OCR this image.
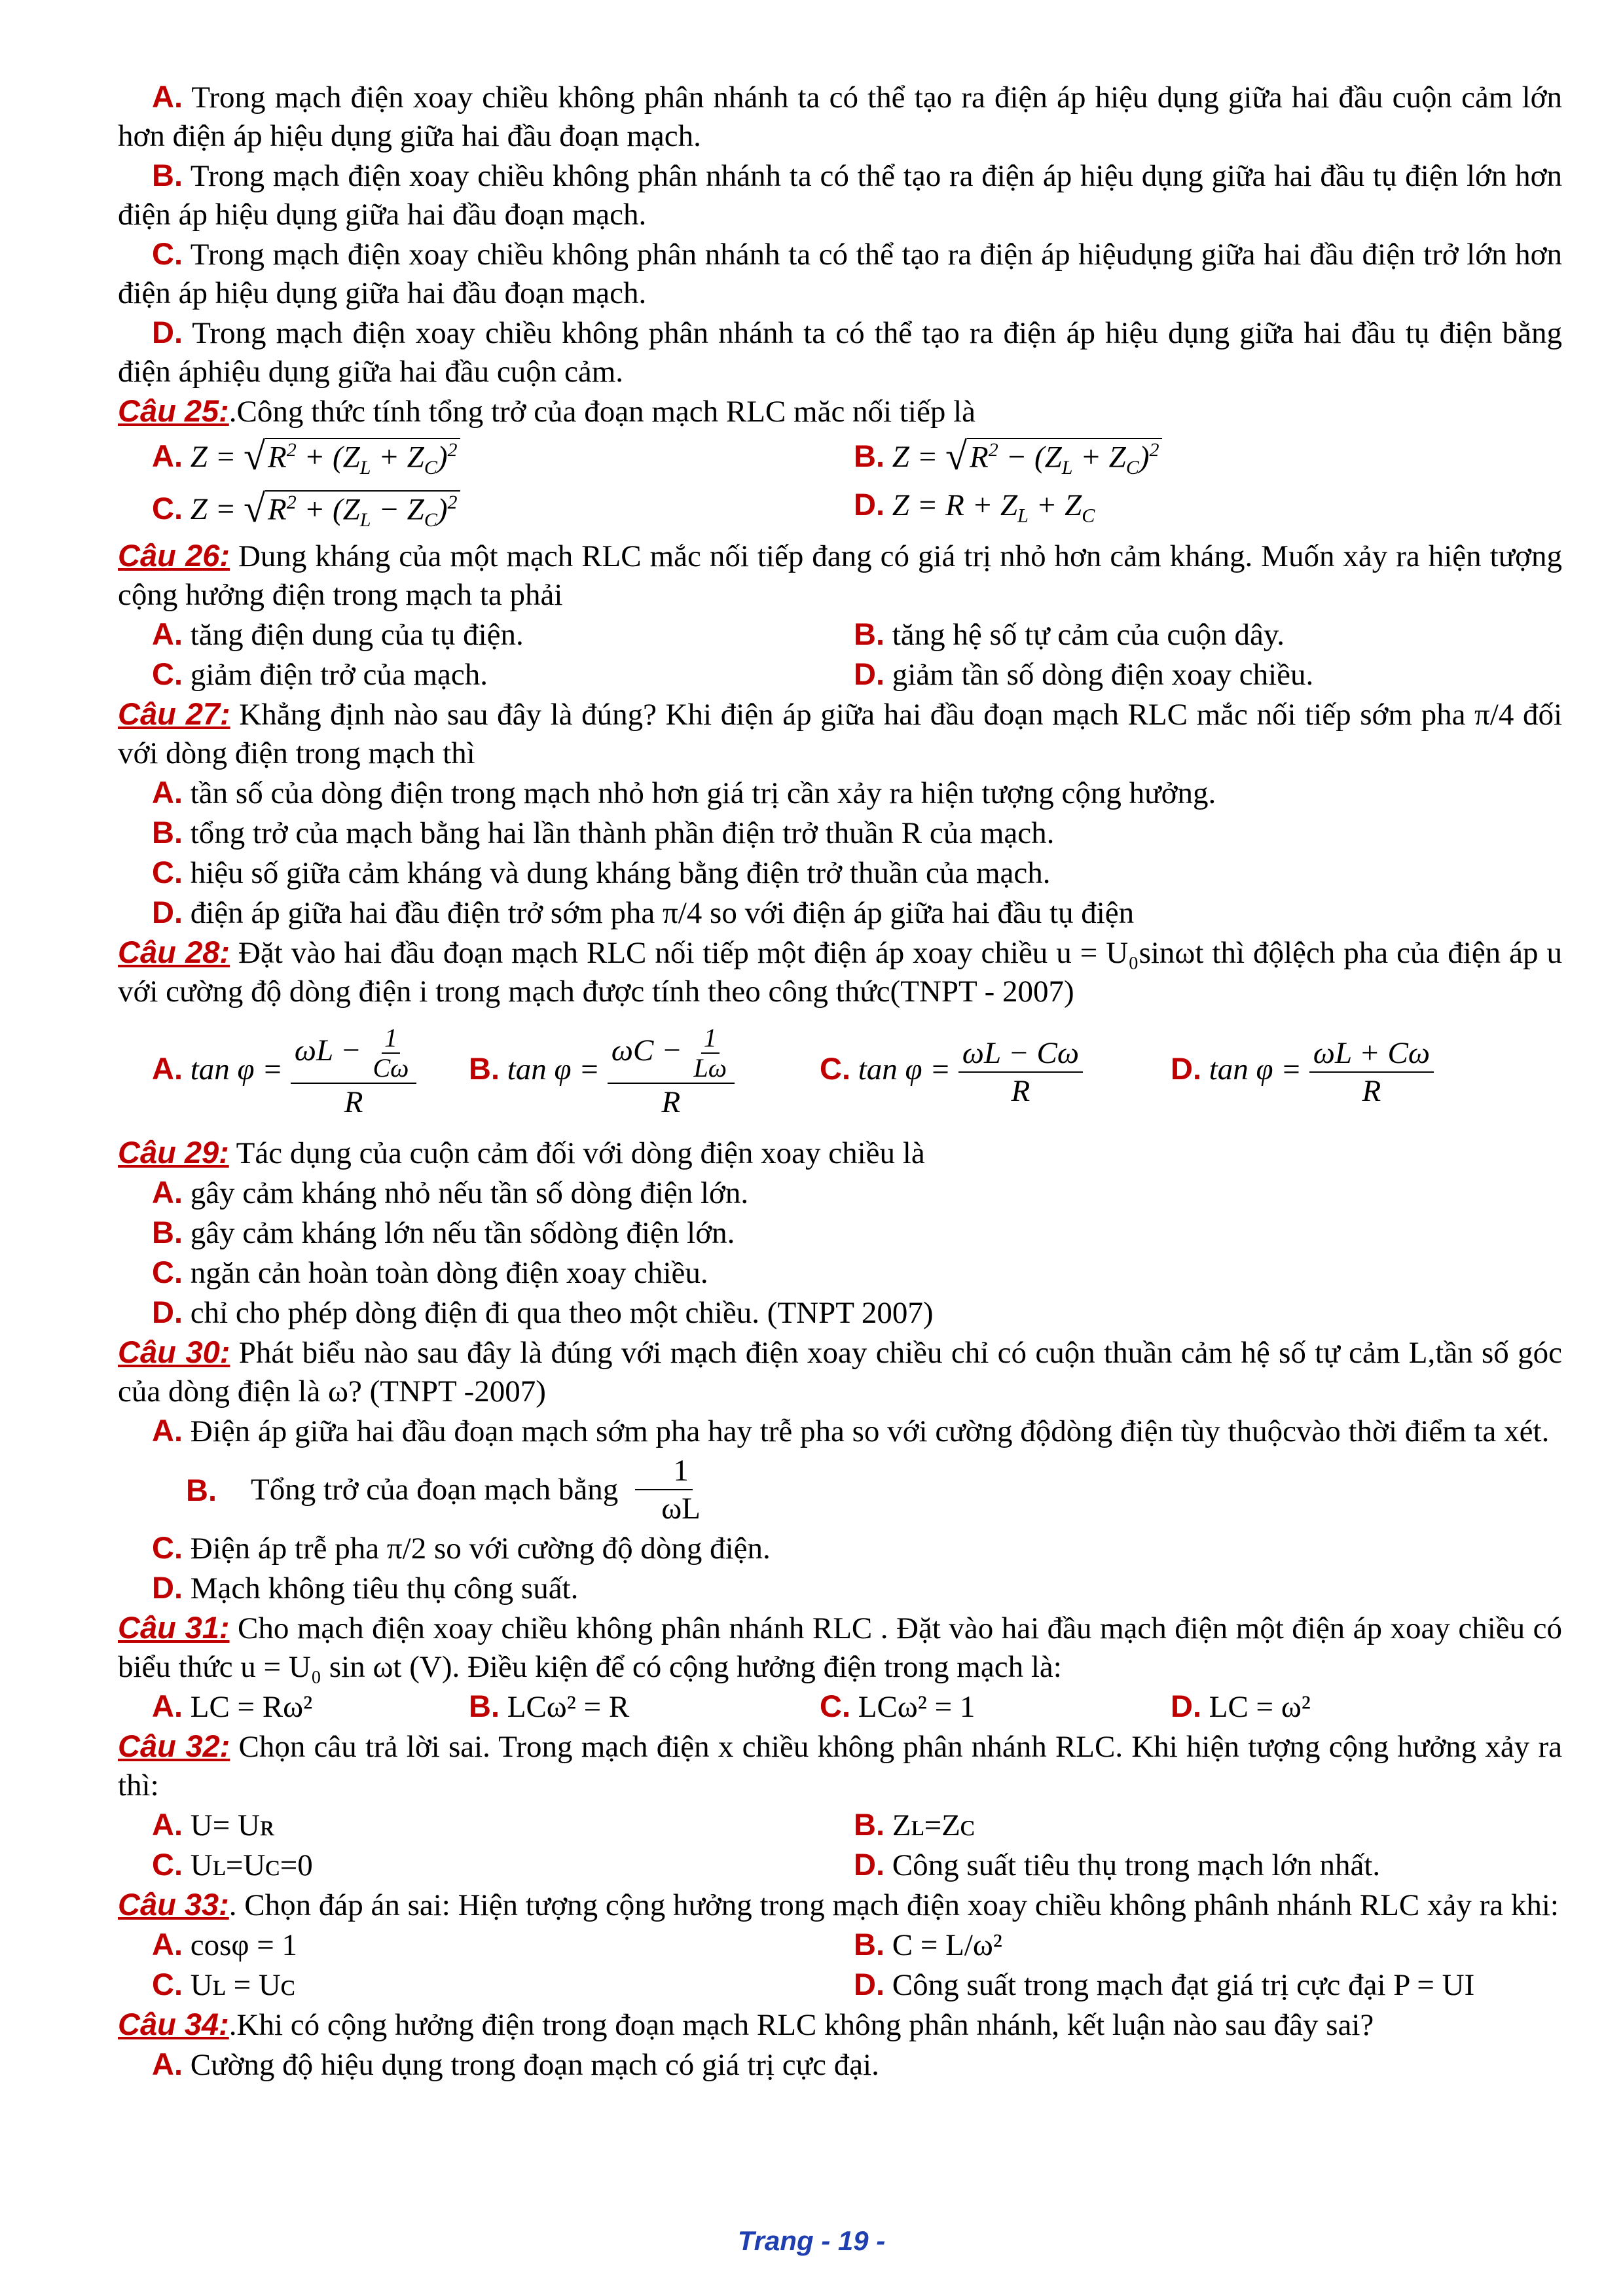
A. Trong mạch điện xoay chiều không phân nhánh ta có thể tạo ra điện áp hiệu dụng giữa hai đầu cuộn cảm lớn hơn điện áp hiệu dụng giữa hai đầu đoạn mạch.

B. Trong mạch điện xoay chiều không phân nhánh ta có thể tạo ra điện áp hiệu dụng giữa hai đầu tụ điện lớn hơn điện áp hiệu dụng giữa hai đầu đoạn mạch.

C. Trong mạch điện xoay chiều không phân nhánh ta có thể tạo ra điện áp hiệudụng giữa hai đầu điện trở lớn hơn điện áp hiệu dụng giữa hai đầu đoạn mạch.

D. Trong mạch điện xoay chiều không phân nhánh ta có thể tạo ra điện áp hiệu dụng giữa hai đầu tụ điện bằng điện áphiệu dụng giữa hai đầu cuộn cảm.

Câu 25:.Công thức tính tổng trở của đoạn mạch RLC măc nối tiếp là

A. $Z = √R^2 + (Z_L + Z_C)^2$	B. $Z = √R^2 - (Z_L + Z_C)^2$
C. $Z = √R^2 + (Z_L - Z_C)^2$	D. $Z = R + Z_L + Z_C$

Câu 26: Dung kháng của một mạch RLC mắc nối tiếp đang có giá trị nhỏ hơn cảm kháng. Muốn xảy ra hiện tượng cộng hưởng điện trong mạch ta phải

A. tăng điện dung của tụ điện.	B. tăng hệ số tự cảm của cuộn dây.
C. giảm điện trở của mạch.	D. giảm tần số dòng điện xoay chiều.

Câu 27: Khẳng định nào sau đây là đúng? Khi điện áp giữa hai đầu đoạn mạch RLC mắc nối tiếp sớm pha π/4 đối với dòng điện trong mạch thì

A. tần số của dòng điện trong mạch nhỏ hơn giá trị cần xảy ra hiện tượng cộng hưởng.

B. tổng trở của mạch bằng hai lần thành phần điện trở thuần R của mạch.

C. hiệu số giữa cảm kháng và dung kháng bằng điện trở thuần của mạch.

D. điện áp giữa hai đầu điện trở sớm pha π/4 so với điện áp giữa hai đầu tụ điện

Câu 28: Đặt vào hai đầu đoạn mạch RLC nối tiếp một điện áp xoay chiều u = U₀sinωt thì độlệch pha của điện áp u với cường độ dòng điện i trong mạch được tính theo công thức(TNPT - 2007)

A. $\tan \varphi = \frac{\omega L - \frac{1}{C\omega}}{R} B$. $\tan \varphi = \frac{\omega C - \frac{1}{L\omega}}{R}$	C. $\tan \varphi = \frac{\omega L - C\omega}{R}$	D. $\tan \varphi = \frac{\omega L + C\omega}{R}$

Câu 29: Tác dụng của cuộn cảm đối với dòng điện xoay chiều là

A. gây cảm kháng nhỏ nếu tần số dòng điện lớn.

B. gây cảm kháng lớn nếu tần sốdòng điện lớn.

C. ngăn cản hoàn toàn dòng điện xoay chiều.

D. chỉ cho phép dòng điện đi qua theo một chiều. (TNPT 2007)

Câu 30: Phát biểu nào sau đây là đúng với mạch điện xoay chiều chỉ có cuộn thuần cảm hệ số tự cảm L,tần số góc của dòng điện là ω? (TNPT -2007)

A. Điện áp giữa hai đầu đoạn mạch sớm pha hay trễ pha so với cường độdòng điện tùy thuộcvào thời điểm ta xét.

B.	Tổng trở của đoạn mạch bằng $\frac{1}{\omega L}$

C. Điện áp trễ pha π/2 so với cường độ dòng điện.

D. Mạch không tiêu thụ công suất.

Câu 31: Cho mạch điện xoay chiều không phân nhánh RLC . Đặt vào hai đầu mạch điện một điện áp xoay chiều có biểu thức u = U₀ sin ωt (V). Điều kiện để có cộng hưởng điện trong mạch là:

A. LC = Rω²	B. LCω² = R	C. LCω² = 1	D. LC = ω²

Câu 32: Chọn câu trả lời sai. Trong mạch điện x chiều không phân nhánh RLC. Khi hiện tượng cộng hưởng xảy ra thì:

A. U= Uʀ	B. Zʟ=Zᴄ
C. Uʟ=Uᴄ=0	D. Công suất tiêu thụ trong mạch lớn nhất.

Câu 33:. Chọn đáp án sai: Hiện tượng cộng hưởng trong mạch điện xoay chiều không phânh nhánh RLC xảy ra khi:

A. cosφ = 1	B. C = L/ω²
C. Uʟ = Uᴄ	D. Công suất trong mạch đạt giá trị cực đại P = UI

Câu 34:.Khi có cộng hưởng điện trong đoạn mạch RLC không phân nhánh, kết luận nào sau đây sai?

A. Cường độ hiệu dụng trong đoạn mạch có giá trị cực đại.

Trang - 19 -
